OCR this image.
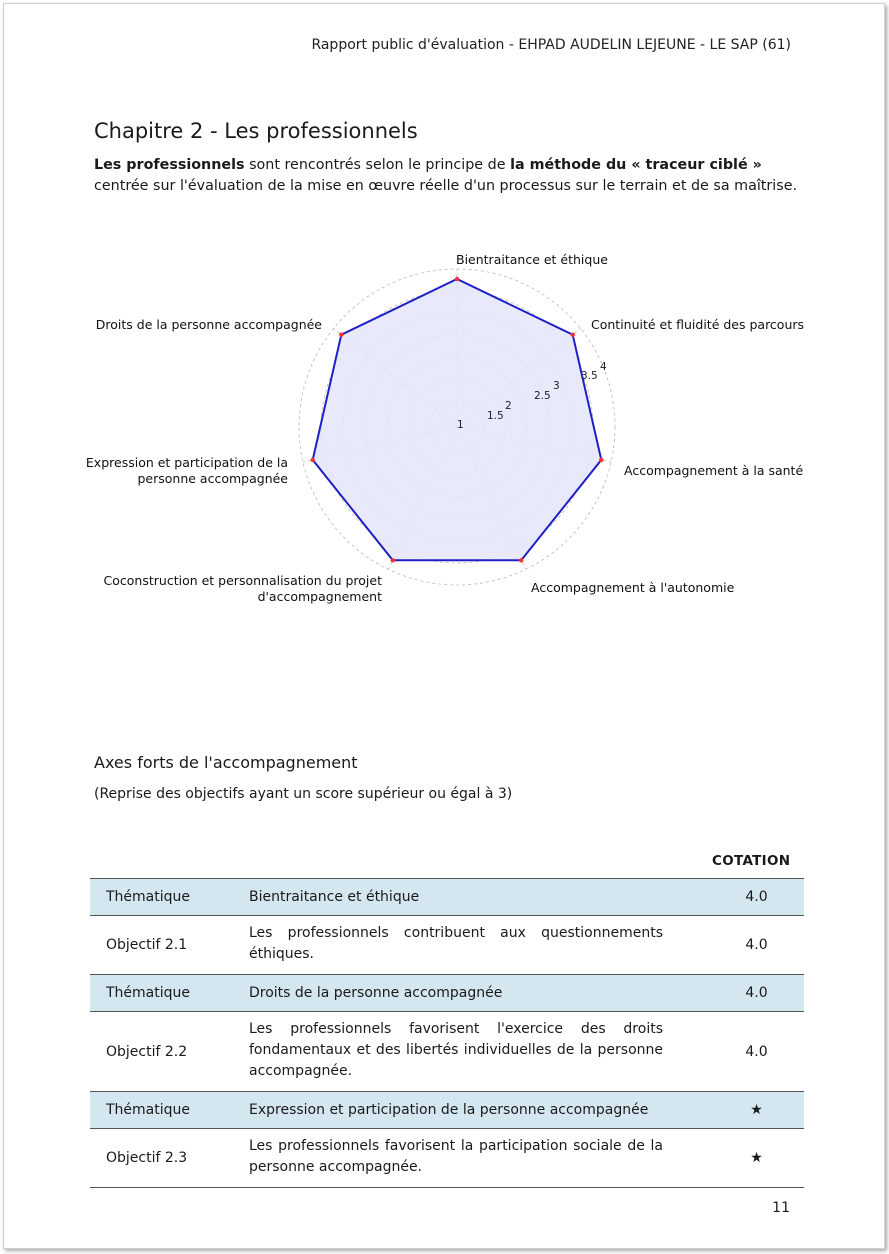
Rapport public d'évaluation - EHPAD AUDELIN LEJEUNE - LE SAP (61)
Chapitre 2 - Les professionnels

Les professionnels sont rencontrés selon le principe de la méthode du « traceur ciblé » centrée sur l'évaluation de la mise en œuvre réelle d'un processus sur le terrain et de sa maîtrise.

1
1.5
2
2.5
3
3.5
4
Bientraitance et éthique
Continuité et fluidité des parcours
Accompagnement à la santé
Accompagnement à l'autonomie
Coconstruction et personnalisation du projet d'accompagnement
Expression et participation de la personne accompagnée
Droits de la personne accompagnée
Axes forts de l'accompagnement

(Reprise des objectifs ayant un score supérieur ou égal à 3)

COTATION
Thématique	Bientraitance et éthique	4.0
Objectif 2.1	Les professionnels contribuent aux questionnements éthiques.	4.0
Thématique	Droits de la personne accompagnée	4.0
Objectif 2.2	Les professionnels favorisent l'exercice des droits fondamentaux et des libertés individuelles de la personne accompagnée.	4.0
Thématique	Expression et participation de la personne accompagnée	★
Objectif 2.3	Les professionnels favorisent la participation sociale de la personne accompagnée.	★
11
